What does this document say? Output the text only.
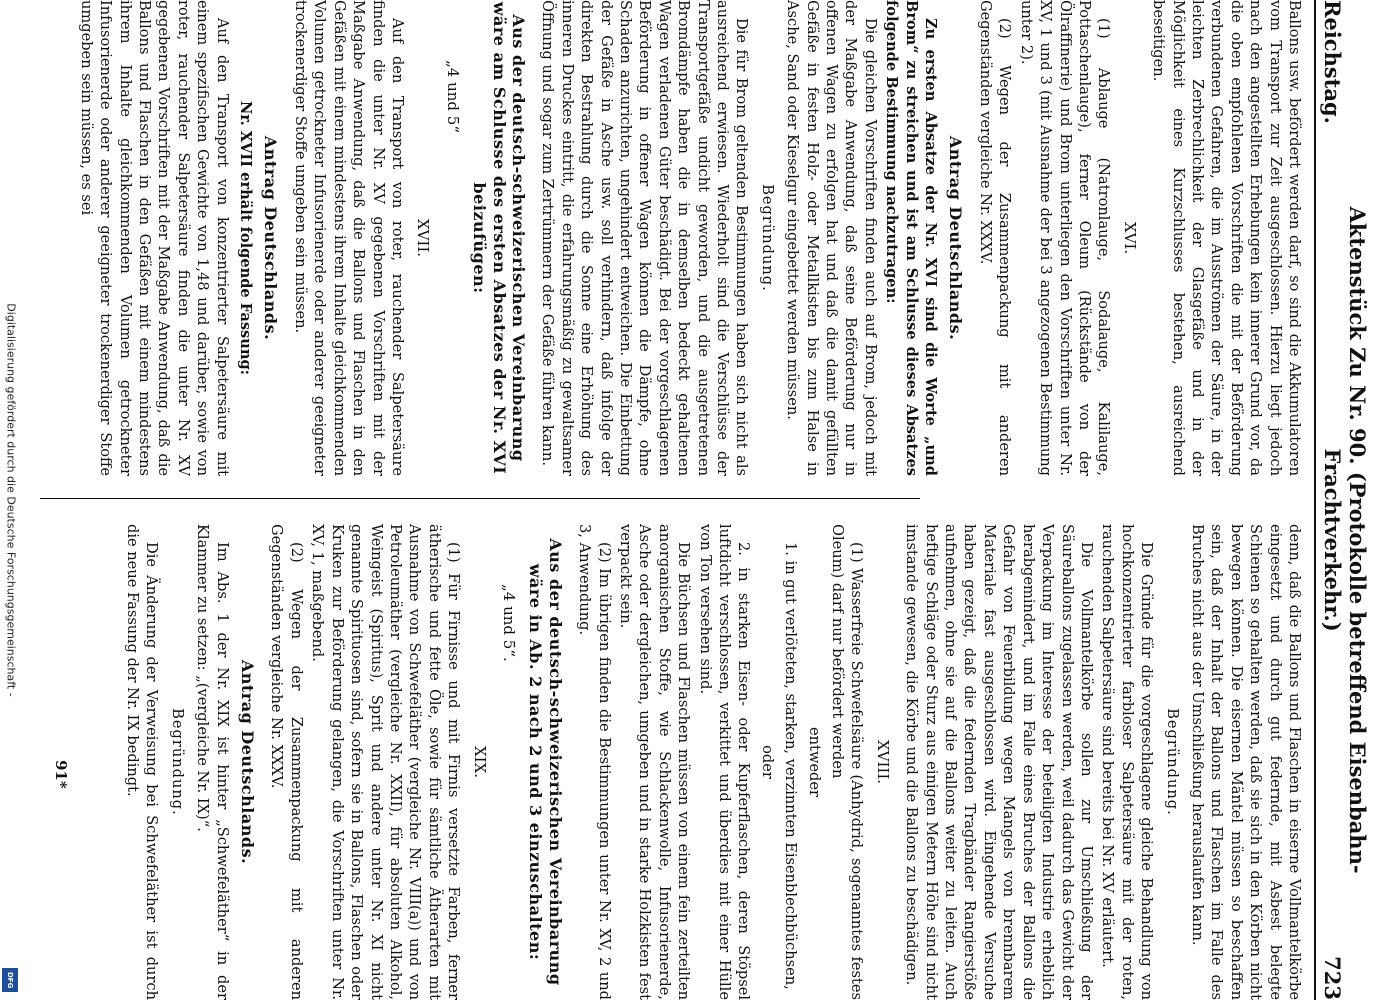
Digitalisierung gefördert durch die Deutsche Forschungsgemeinschaft -
DFG
Reichstag.
Aktenstück Zu Nr. 90. (Protokolle betreffend Eisenbahn-Frachtverkehr.)
723

Ballons usw. befördert werden darf, so sind die Akkumulatoren vom Transport zur Zeit ausgeschlossen. Hierzu liegt jedoch nach den angestellten Erhebungen kein innerer Grund vor, da die oben empfohlenen Vorschriften die mit der Beförderung verbundenen Gefahren, die im Ausströmen der Säure, in der leichten Zerbrechlichkeit der Glasgefäße und in der Möglichkeit eines Kurzschlusses bestehen, ausreichend beseitigen.

XVI.

(1) Ablauge (Natronlauge, Sodalauge, Kalilauge, Pottaschenlauge), ferner Oleum (Rückstände von der Ölraffinerie) und Brom unterliegen den Vorschriften unter Nr. XV, 1 und 3 (mit Ausnahme der bei 3 angezogenen Bestimmung unter 2).

(2) Wegen der Zusammenpackung mit anderen Gegenständen vergleiche Nr. XXXV.

Antrag Deutschlands.

Zu ersten Absatze der Nr. XVI sind die Worte „und Brom“ zu streichen und ist am Schlusse dieses Absatzes folgende Bestimmung nachzutragen:

Die gleichen Vorschriften finden auch auf Brom, jedoch mit der Maßgabe Anwendung, daß seine Beförderung nur in offenen Wagen zu erfolgen hat und daß die damit gefüllten Gefäße in festen Holz- oder Metallkisten bis zum Halse in Asche, Sand oder Kieselgur eingebettet werden müssen.

Begründung.

Die für Brom geltenden Bestimmungen haben sich nicht als ausreichend erwiesen. Wiederholt sind die Verschlüsse der Transportgefäße undicht geworden, und die ausgetretenen Bromdämpfe haben die in demselben bedeckt gehaltenen Wagen verladenen Güter beschädigt. Bei der vorgeschlagenen Beförderung in offener Wagen können die Dämpfe, ohne Schaden anzurichten, ungehindert entweichen. Die Einbettung der Gefäße in Asche usw. soll verhindern, daß infolge der direkten Bestrahlung durch die Sonne eine Erhöhung des inneren Druckes eintritt, die erfahrungsmäßig zu gewaltsamer Öffnung und sogar zum Zertrümmern der Gefäße führen kann.

Aus der deutsch-schweizerischen Vereinbarung wäre am Schlusse des ersten Absatzes der Nr. XVI beizufügen:

„4 und 5“

XVII.

Auf den Transport von roter, rauchender Salpetersäure finden die unter Nr. XV gegebenen Vorschriften mit der Maßgabe Anwendung, daß die Ballons und Flaschen in den Gefäßen mit einem mindestens ihrem Inhalte gleichkommenden Volumen getrockneter Infusorienerde oder anderer geeigneter trockenerdiger Stoffe umgeben sein müssen.

Antrag Deutschlands.

Nr. XVII erhält folgende Fassung:

Auf den Transport von konzentrierter Salpetersäure mit einem spezifischen Gewichte von 1,48 und darüber, sowie von roter, rauchender Salpetersäure finden die unter Nr. XV gegebenen Vorschriften mit der Maßgabe Anwendung, daß die Ballons und Flaschen in den Gefäßen mit einem mindestens ihrem Inhalte gleichkommenden Volumen getrockneter Infusorienerde oder anderer geeigneter trockenerdiger Stoffe umgeben sein müssen, es sei

denn, daß die Ballons und Flaschen in eiserne Vollmantelkörbe eingesetzt und durch gut federnde, mit Asbest belegte Schienen so gehalten werden, daß sie sich in den Körben nicht bewegen können. Die eisernen Mäntel müssen so beschaffen sein, daß der Inhalt der Ballons und Flaschen im Falle des Bruches nicht aus der Umschließung herauslaufen kann.

Begründung.

Die Gründe für die vorgeschlagene gleiche Behandlung von hochkonzentrierter farbloser Salpetersäure mit der roten, rauchenden Salpetersäure sind bereits bei Nr. XV erläutert.

Die Vollmantelkörbe sollen zur Umschließung der Säureballons zugelassen werden, weil dadurch das Gewicht der Verpackung im Interesse der beteiligten Industrie erheblich herabgemindert, und im Falle eines Bruches der Ballons die Gefahr von Feuerbildung wegen Mangels von brennbarem Materiale fast ausgeschlossen wird. Eingehende Versuche haben gezeigt, daß die federnden Tragbänder Rangierstöße aufnehmen, ohne sie auf die Ballons weiter zu leiten. Auch heftige Schläge oder Sturz aus einigen Metern Höhe sind nicht imstande gewesen, die Körbe und die Ballons zu beschädigen.

XVIII.

(1) Wasserfreie Schwefelsäure (Anhydrid, sogenanntes festes Oleum) darf nur befördert werden

entweder

1. in gut verlöteten, starken, verzinnten Eisenblechbüchsen,

oder

2. in starken Eisen- oder Kupferflaschen, deren Stöpsel luftdicht verschlossen, verkittet und überdies mit einer Hülle von Ton versehen sind.

Die Büchsen und Flaschen müssen von einem fein zerteilten anorganischen Stoffe, wie Schlackenwolle, Infusorienerde, Asche oder dergleichen, umgeben und in starke Holzkisten fest verpackt sein.

(2) Im übrigen finden die Bestimmungen unter Nr. XV, 2 und 3, Anwendung.

Aus der deutsch-schweizerischen Vereinbarung wäre in Ab. 2 nach 2 und 3 einzuschalten:

„4 und 5“.

XIX.

(1) Für Firnisse und mit Firnis versetzte Farben, ferner ätherische und fette Öle, sowie für sämtliche Ätherarten mit Ausnahme von Schwefeläther (vergleiche Nr. VIII(a)) und von Petroleumäther (vergleiche Nr. XXII), für absoluten Alkohol, Weingeist (Spiritus), Sprit und andere unter Nr. XI nicht genannte Spirituosen sind, sofern sie in Ballons, Flaschen oder Kruken zur Beförderung gelangen, die Vorschriften unter Nr. XV, 1, maßgebend.

(2) Wegen der Zusammenpackung mit anderen Gegenständen vergleiche Nr. XXXV.

Antrag Deutschlands.

Im Abs. 1 der Nr. XIX ist hinter „Schwefeläther“ in der Klammer zu setzen: „(vergleiche Nr. IX)“.

Begründung.

Die Änderung der Verweisung bei Schwefeläther ist durch die neue Fassung der Nr. IX bedingt.

91*
